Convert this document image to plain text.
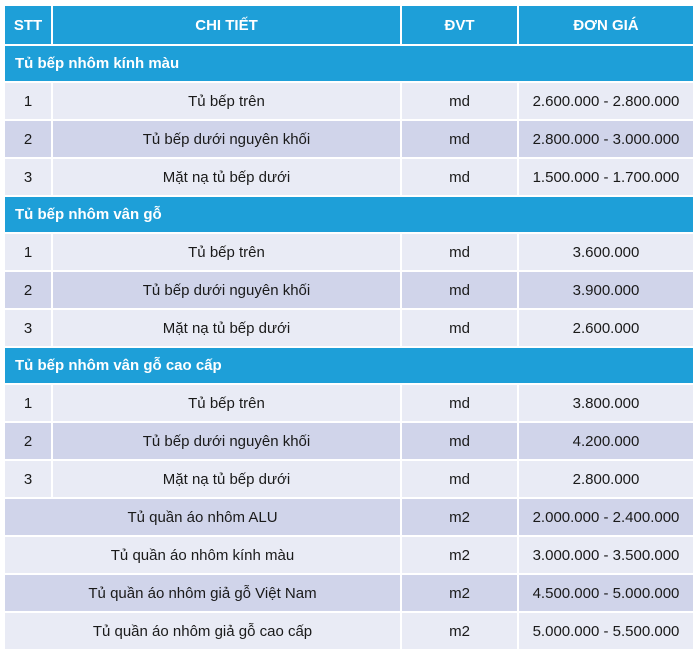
STT	CHI TIẾT	ĐVT	ĐƠN GIÁ
Tủ bếp nhôm kính màu			
1	Tủ bếp trên	md	2.600.000 - 2.800.000
2	Tủ bếp dưới nguyên khối	md	2.800.000 - 3.000.000
3	Mặt nạ tủ bếp dưới	md	1.500.000 - 1.700.000
Tủ bếp nhôm vân gỗ			
1	Tủ bếp trên	md	3.600.000
2	Tủ bếp dưới nguyên khối	md	3.900.000
3	Mặt nạ tủ bếp dưới	md	2.600.000
Tủ bếp nhôm vân gỗ cao cấp			
1	Tủ bếp trên	md	3.800.000
2	Tủ bếp dưới nguyên khối	md	4.200.000
3	Mặt nạ tủ bếp dưới	md	2.800.000
Tủ quần áo nhôm ALU		m2	2.000.000 - 2.400.000
Tủ quần áo nhôm kính màu		m2	3.000.000 - 3.500.000
Tủ quần áo nhôm giả gỗ Việt Nam		m2	4.500.000 - 5.000.000
Tủ quần áo nhôm giả gỗ cao cấp		m2	5.000.000 - 5.500.000
